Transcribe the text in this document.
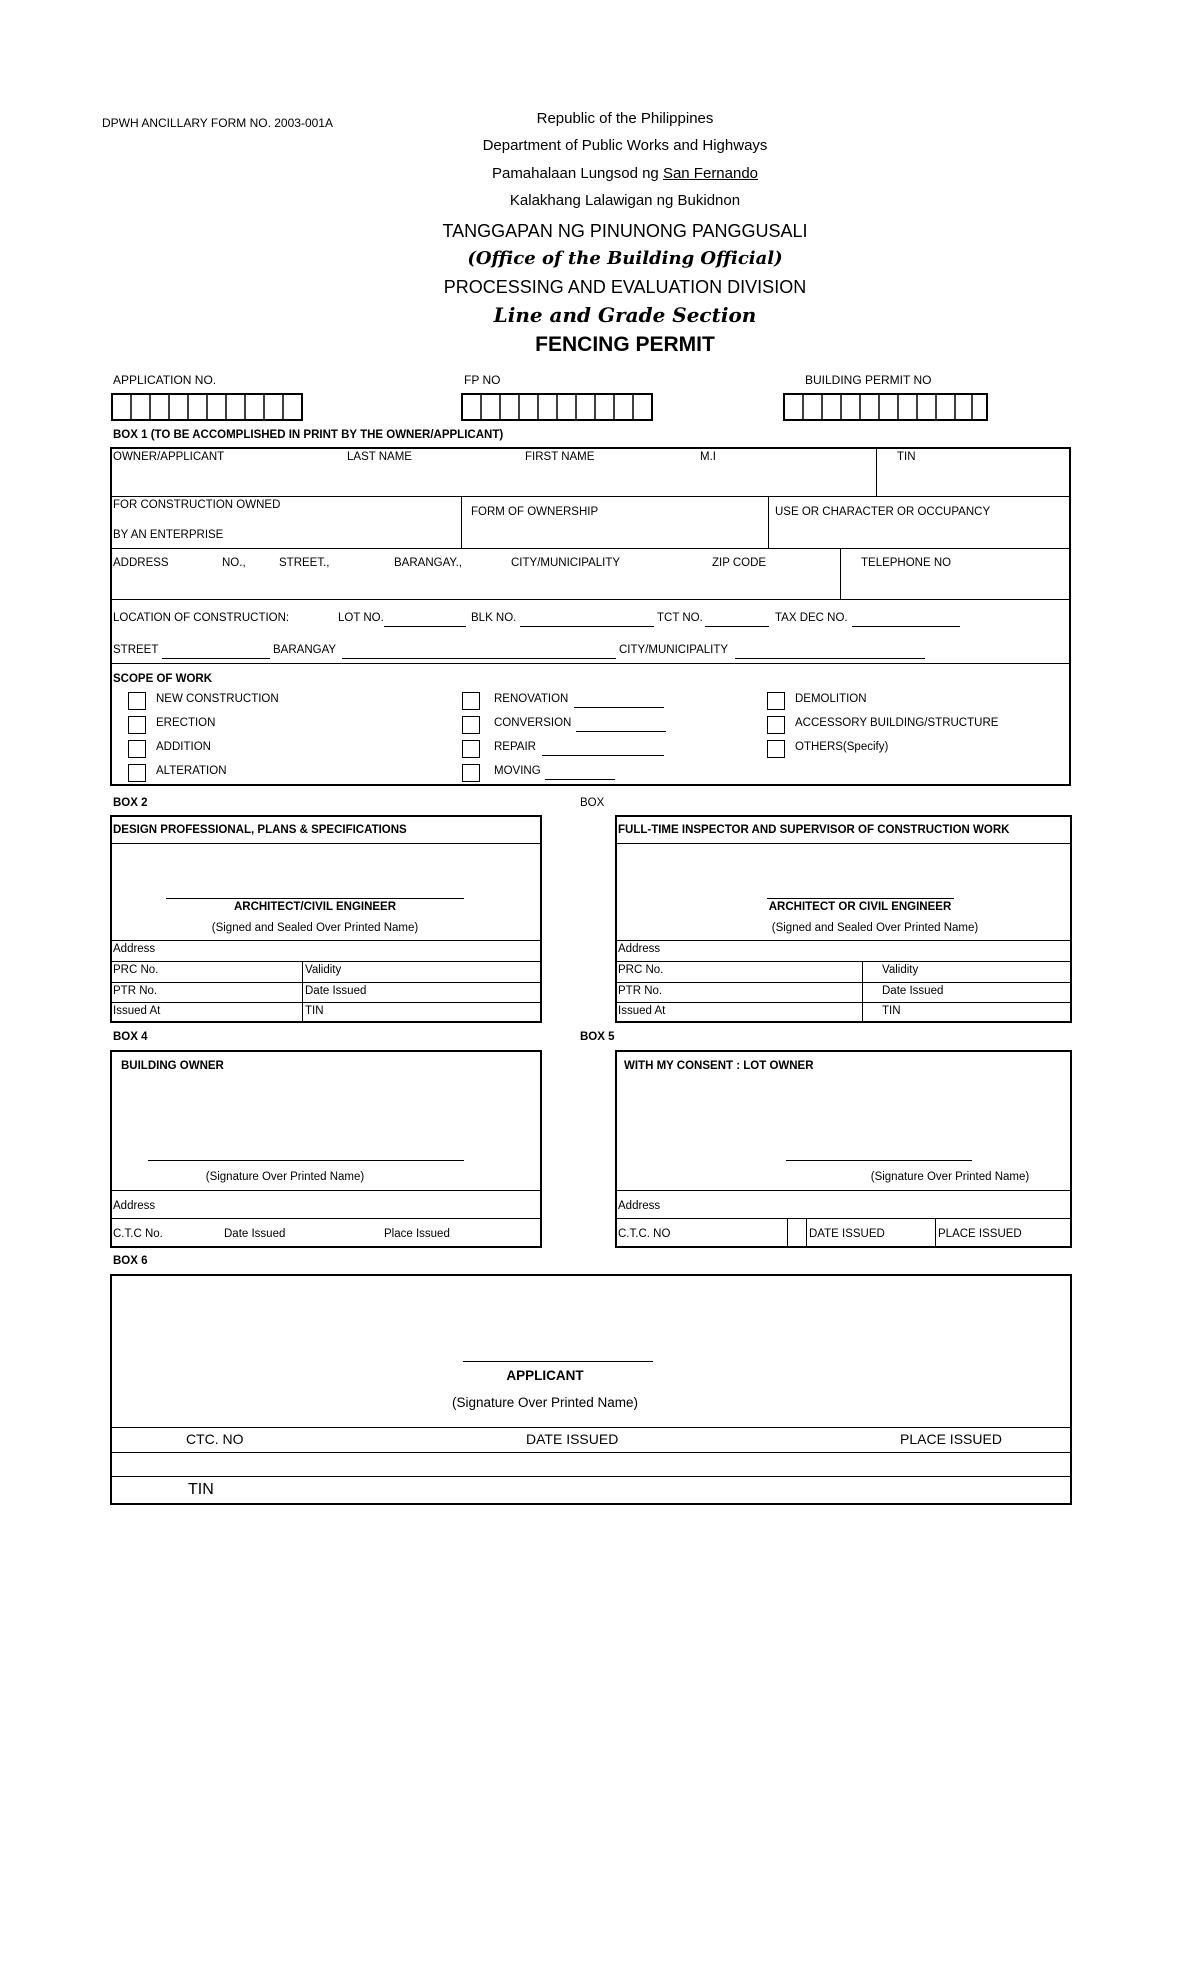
DPWH ANCILLARY FORM NO. 2003-001A	Republic of the Philippines
Department of Public Works and Highways
Pamahalaan Lungsod ng San Fernando
Kalakhang Lalawigan ng Bukidnon
TANGGAPAN NG PINUNONG PANGGUSALI
(Office of the Building Official)
PROCESSING AND EVALUATION DIVISION
Line and Grade Section
FENCING PERMIT
APPLICATION NO.	FP NO	BUILDING PERMIT NO
BOX 1 (TO BE ACCOMPLISHED IN PRINT BY THE OWNER/APPLICANT)
OWNER/APPLICANT	LAST NAME	FIRST NAME	M.I	TIN
FOR CONSTRUCTION OWNED
BY AN ENTERPRISE
FORM OF OWNERSHIP	USE OR CHARACTER OR OCCUPANCY
ADDRESS	NO.,	STREET.,	BARANGAY.,	CITY/MUNICIPALITY	ZIP CODE	TELEPHONE NO
LOCATION OF CONSTRUCTION:	LOT NO.	BLK NO.	TCT NO.	TAX DEC NO.
STREET	BARANGAY	CITY/MUNICIPALITY
SCOPE OF WORK
NEW CONSTRUCTION
ERECTION
ADDITION
ALTERATION
RENOVATION
CONVERSION
REPAIR
MOVING
DEMOLITION
ACCESSORY BUILDING/STRUCTURE
OTHERS(Specify)
BOX 2
DESIGN PROFESSIONAL, PLANS & SPECIFICATIONS
ARCHITECT/CIVIL ENGINEER
(Signed and Sealed Over Printed Name)
Address
PRC No.	Validity
PTR No.	Date Issued
Issued At	TIN
BOX
FULL-TIME INSPECTOR AND SUPERVISOR OF CONSTRUCTION WORK
ARCHITECT OR CIVIL ENGINEER
(Signed and Sealed Over Printed Name)
Address
PRC No.	Validity
PTR No.	Date Issued
Issued At	TIN
BOX 4
BUILDING OWNER
(Signature Over Printed Name)
Address
C.T.C No.	Date Issued	Place Issued
BOX 5
WITH MY CONSENT : LOT OWNER
(Signature Over Printed Name)
Address
C.T.C. NO	DATE ISSUED	PLACE ISSUED
BOX 6
APPLICANT
(Signature Over Printed Name)
CTC. NO	DATE ISSUED	PLACE ISSUED
TIN
